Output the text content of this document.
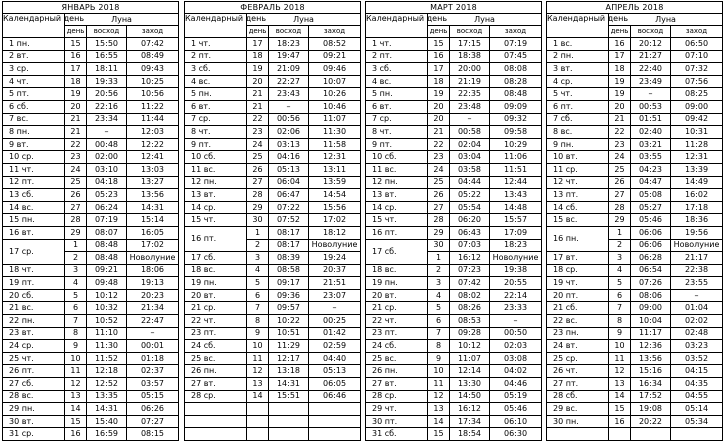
ЯНВАРЬ 2018			
Календарный день	Луна		
	день	восход	заход
1 пн.	15	15:50	07:42
2 вт.	16	16:55	08:49
3 ср.	17	18:11	09:43
4 чт.	18	19:33	10:25
5 пт.	19	20:56	10:56
6 сб.	20	22:16	11:22
7 вс.	21	23:34	11:44
8 пн.	21	–	12:03
9 вт.	22	00:48	12:22
10 ср.	23	02:00	12:41
11 чт.	24	03:10	13:03
12 пт.	25	04:18	13:27
13 сб.	26	05:23	13:56
14 вс.	27	06:24	14:31
15 пн.	28	07:19	15:14
16 вт.	29	08:07	16:05
17 ср.	1	08:48	17:02
	2	08:48	Новолуние
18 чт.	3	09:21	18:06
19 пт.	4	09:48	19:13
20 сб.	5	10:12	20:23
21 вс.	6	10:32	21:34
22 пн.	7	10:52	22:47
23 вт.	8	11:10	–
24 ср.	9	11:30	00:01
25 чт.	10	11:52	01:18
26 пт.	11	12:18	02:37
27 сб.	12	12:52	03:57
28 вс.	13	13:35	05:15
29 пн.	14	14:31	06:26
30 вт.	15	15:40	07:27
31 ср.	16	16:59	08:15
ФЕВРАЛЬ 2018			
Календарный день	Луна		
	день	восход	заход
1 чт.	17	18:23	08:52
2 пт.	18	19:47	09:21
3 сб.	19	21:09	09:46
4 вс.	20	22:27	10:07
5 пн.	21	23:43	10:26
6 вт.	21	–	10:46
7 ср.	22	00:56	11:07
8 чт.	23	02:06	11:30
9 пт.	24	03:13	11:58
10 сб.	25	04:16	12:31
11 вс.	26	05:13	13:11
12 пн.	27	06:04	13:59
13 вт.	28	06:47	14:54
14 ср.	29	07:22	15:56
15 чт.	30	07:52	17:02
16 пт.	1	08:17	18:12
	2	08:17	Новолуние
17 сб.	3	08:39	19:24
18 вс.	4	08:58	20:37
19 пн.	5	09:17	21:51
20 вт.	6	09:36	23:07
21 ср.	7	09:57	–
22 чт.	8	10:22	00:25
23 пт.	9	10:51	01:42
24 сб.	10	11:29	02:59
25 вс.	11	12:17	04:40
26 пн.	12	13:18	05:13
27 вт.	13	14:31	06:05
28 ср.	14	15:51	06:46

МАРТ 2018			
Календарный день	Луна		
	день	восход	заход
1 чт.	15	17:15	07:19
2 пт.	16	18:38	07:45
3 сб.	17	20:00	08:08
4 вс.	18	21:19	08:28
5 пн.	19	22:35	08:48
6 вт.	20	23:48	09:09
7 ср.	20	–	09:32
8 чт.	21	00:58	09:58
9 пт.	22	02:04	10:29
10 сб.	23	03:04	11:06
11 вс.	24	03:58	11:51
12 пн.	25	04:44	12:44
13 вт.	26	05:22	13:43
14 ср.	27	05:54	14:48
15 чт.	28	06:20	15:57
16 пт.	29	06:43	17:09
17 сб.	30	07:03	18:23
	1	16:12	Новолуние
18 вс.	2	07:23	19:38
19 пн.	3	07:42	20:55
20 вт.	4	08:02	22:14
21 ср.	5	08:26	23:33
22 чт.	6	08:53	–
23 пт.	7	09:28	00:50
24 сб.	8	10:12	02:03
25 вс.	9	11:07	03:08
26 пн.	10	12:14	04:02
27 вт.	11	13:30	04:46
28 ср.	12	14:50	05:19
29 чт.	13	16:12	05:46
30 пт.	14	17:34	06:10
31 сб.	15	18:54	06:30
АПРЕЛЬ 2018			
Календарный день	Луна		
	день	восход	заход
1 вс.	16	20:12	06:50
2 пн.	17	21:27	07:10
3 вт.	18	22:40	07:32
4 ср.	19	23:49	07:56
5 чт.	19	–	08:25
6 пт.	20	00:53	09:00
7 сб.	21	01:51	09:42
8 вс.	22	02:40	10:31
9 пн.	23	03:21	11:28
10 вт.	24	03:55	12:31
11 ср.	25	04:23	13:39
12 чт.	26	04:47	14:49
13 пт.	27	05:08	16:02
14 сб.	28	05:27	17:18
15 вс.	29	05:46	18:36
16 пн.	1	06:06	19:56
	2	06:06	Новолуние
17 вт.	3	06:28	21:17
18 ср.	4	06:54	22:38
19 чт.	5	07:26	23:55
20 пт.	6	08:06	–
21 сб.	7	09:00	01:04
22 вс.	8	10:04	02:02
23 пн.	9	11:17	02:48
24 вт.	10	12:36	03:23
25 ср.	11	13:56	03:52
26 чт.	12	15:16	04:15
27 пт.	13	16:34	04:35
28 сб.	14	17:52	04:55
29 вс.	15	19:08	05:14
30 пн.	16	20:22	05:34
